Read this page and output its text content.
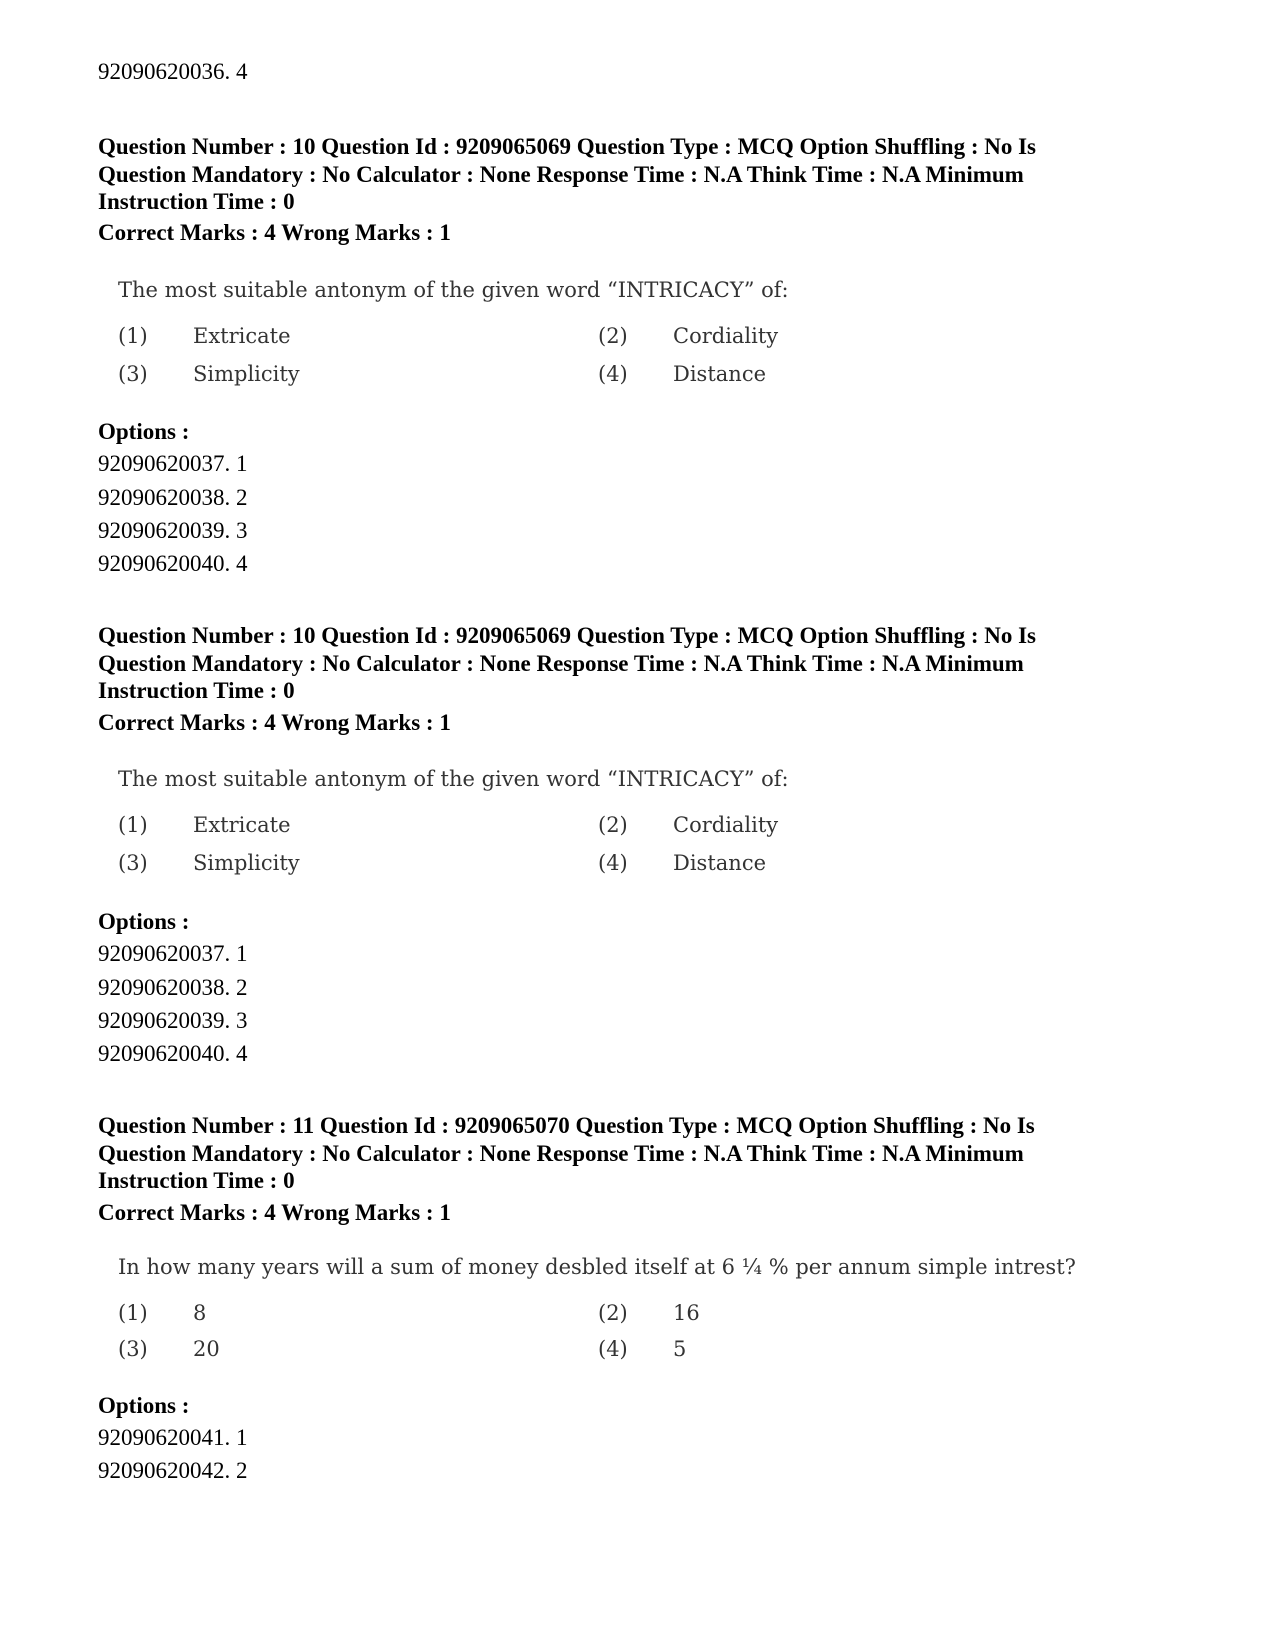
92090620036. 4
Question Number : 10 Question Id : 9209065069 Question Type : MCQ Option Shuffling : No Is Question Mandatory : No Calculator : None Response Time : N.A Think Time : N.A Minimum Instruction Time : 0
Correct Marks : 4 Wrong Marks : 1
The most suitable antonym of the given word “INTRICACY” of:
(1) Extricate	(2) Cordiality
(3) Simplicity	(4) Distance
Options :
92090620037. 1
92090620038. 2
92090620039. 3
92090620040. 4
Question Number : 10 Question Id : 9209065069 Question Type : MCQ Option Shuffling : No Is Question Mandatory : No Calculator : None Response Time : N.A Think Time : N.A Minimum Instruction Time : 0
Correct Marks : 4 Wrong Marks : 1
The most suitable antonym of the given word “INTRICACY” of:
(1) Extricate	(2) Cordiality
(3) Simplicity	(4) Distance
Options :
92090620037. 1
92090620038. 2
92090620039. 3
92090620040. 4
Question Number : 11 Question Id : 9209065070 Question Type : MCQ Option Shuffling : No Is Question Mandatory : No Calculator : None Response Time : N.A Think Time : N.A Minimum Instruction Time : 0
Correct Marks : 4 Wrong Marks : 1
In how many years will a sum of money desbled itself at 6 ¼ % per annum simple intrest?
(1) 8	(2) 16
(3) 20	(4) 5
Options :
92090620041. 1
92090620042. 2
